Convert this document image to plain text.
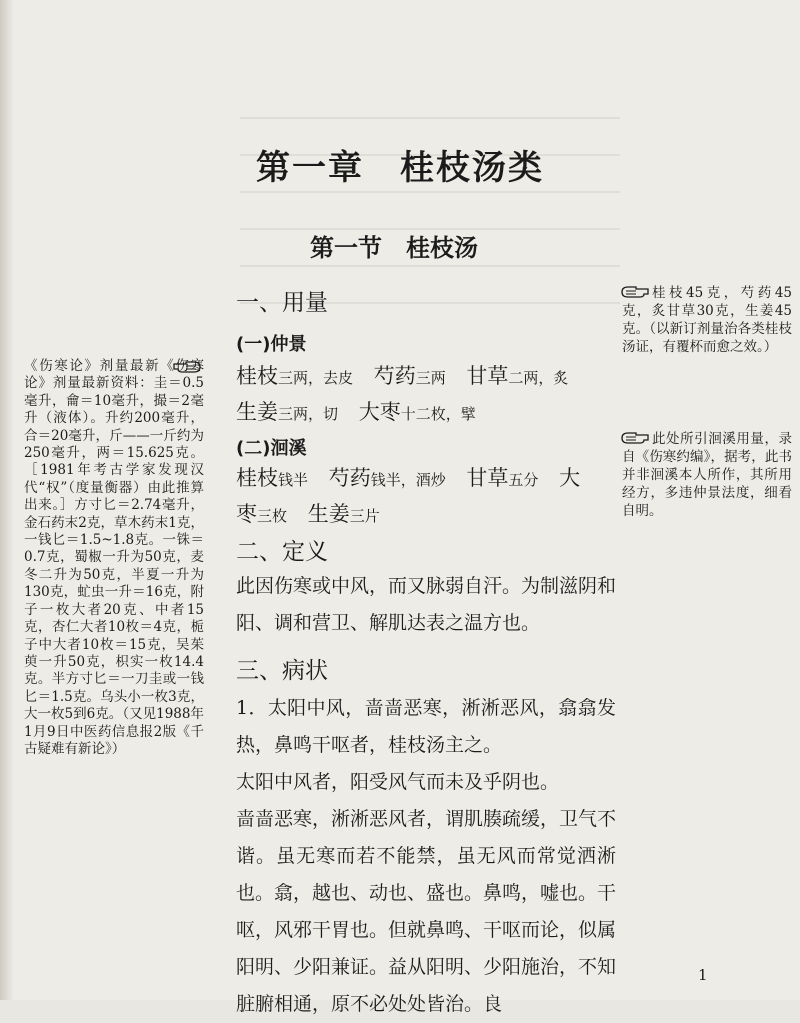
第一章　桂枝汤类
第一节　桂枝汤
一、用量
(一)仲景
桂枝三两，去皮 芍药三两 甘草二两，炙
生姜三两，切 大枣十二枚，擘
(二)洄溪
桂枝钱半 芍药钱半，酒炒 甘草五分 大
枣三枚 生姜三片
二、定义

此因伤寒或中风，而又脉弱自汗。为制滋阴和阳、调和营卫、解肌达表之温方也。

三、病状

1．太阳中风，啬啬恶寒，淅淅恶风，翕翕发热，鼻鸣干呕者，桂枝汤主之。

太阳中风者，阳受风气而未及乎阴也。

啬啬恶寒，淅淅恶风者，谓肌腠疏缓，卫气不谐。虽无寒而若不能禁，虽无风而常觉洒淅也。翕，越也、动也、盛也。鼻鸣，嘘也。干呕，风邪干胃也。但就鼻鸣、干呕而论，似属阳明、少阳兼证。益从阳明、少阳施治，不知脏腑相通，原不必处处皆治。良

《伤寒论》剂量最新《伤寒论》剂量最新资料：圭＝0.5毫升，龠＝10毫升，撮＝2毫升（液体）。升约200毫升，合＝20毫升，斤——一斤约为250毫升，两＝15.625克。［1981年考古学家发现汉代“权”（度量衡器）由此推算出来。］方寸匕＝2.74毫升，金石药末2克，草木药末1克，一钱匕＝1.5~1.8克。一铢＝0.7克，蜀椒一升为50克，麦冬二升为50克，半夏一升为130克，虻虫一升＝16克，附子一枚大者20克、中者15克，杏仁大者10枚＝4克，栀子中大者10枚＝15克，吴茱萸一升50克，枳实一枚14.4克。半方寸匕＝一刀圭或一钱匕＝1.5克。乌头小一枚3克，大一枚5到6克。（又见1988年1月9日中医药信息报2版《千古疑难有新论》）
桂枝45克，芍药45克，炙甘草30克，生姜45克。（以新订剂量治各类桂枝汤证，有覆杯而愈之效。）
此处所引洄溪用量，录自《伤寒约编》，据考，此书并非洄溪本人所作，其所用经方，多违仲景法度，细看自明。
1
